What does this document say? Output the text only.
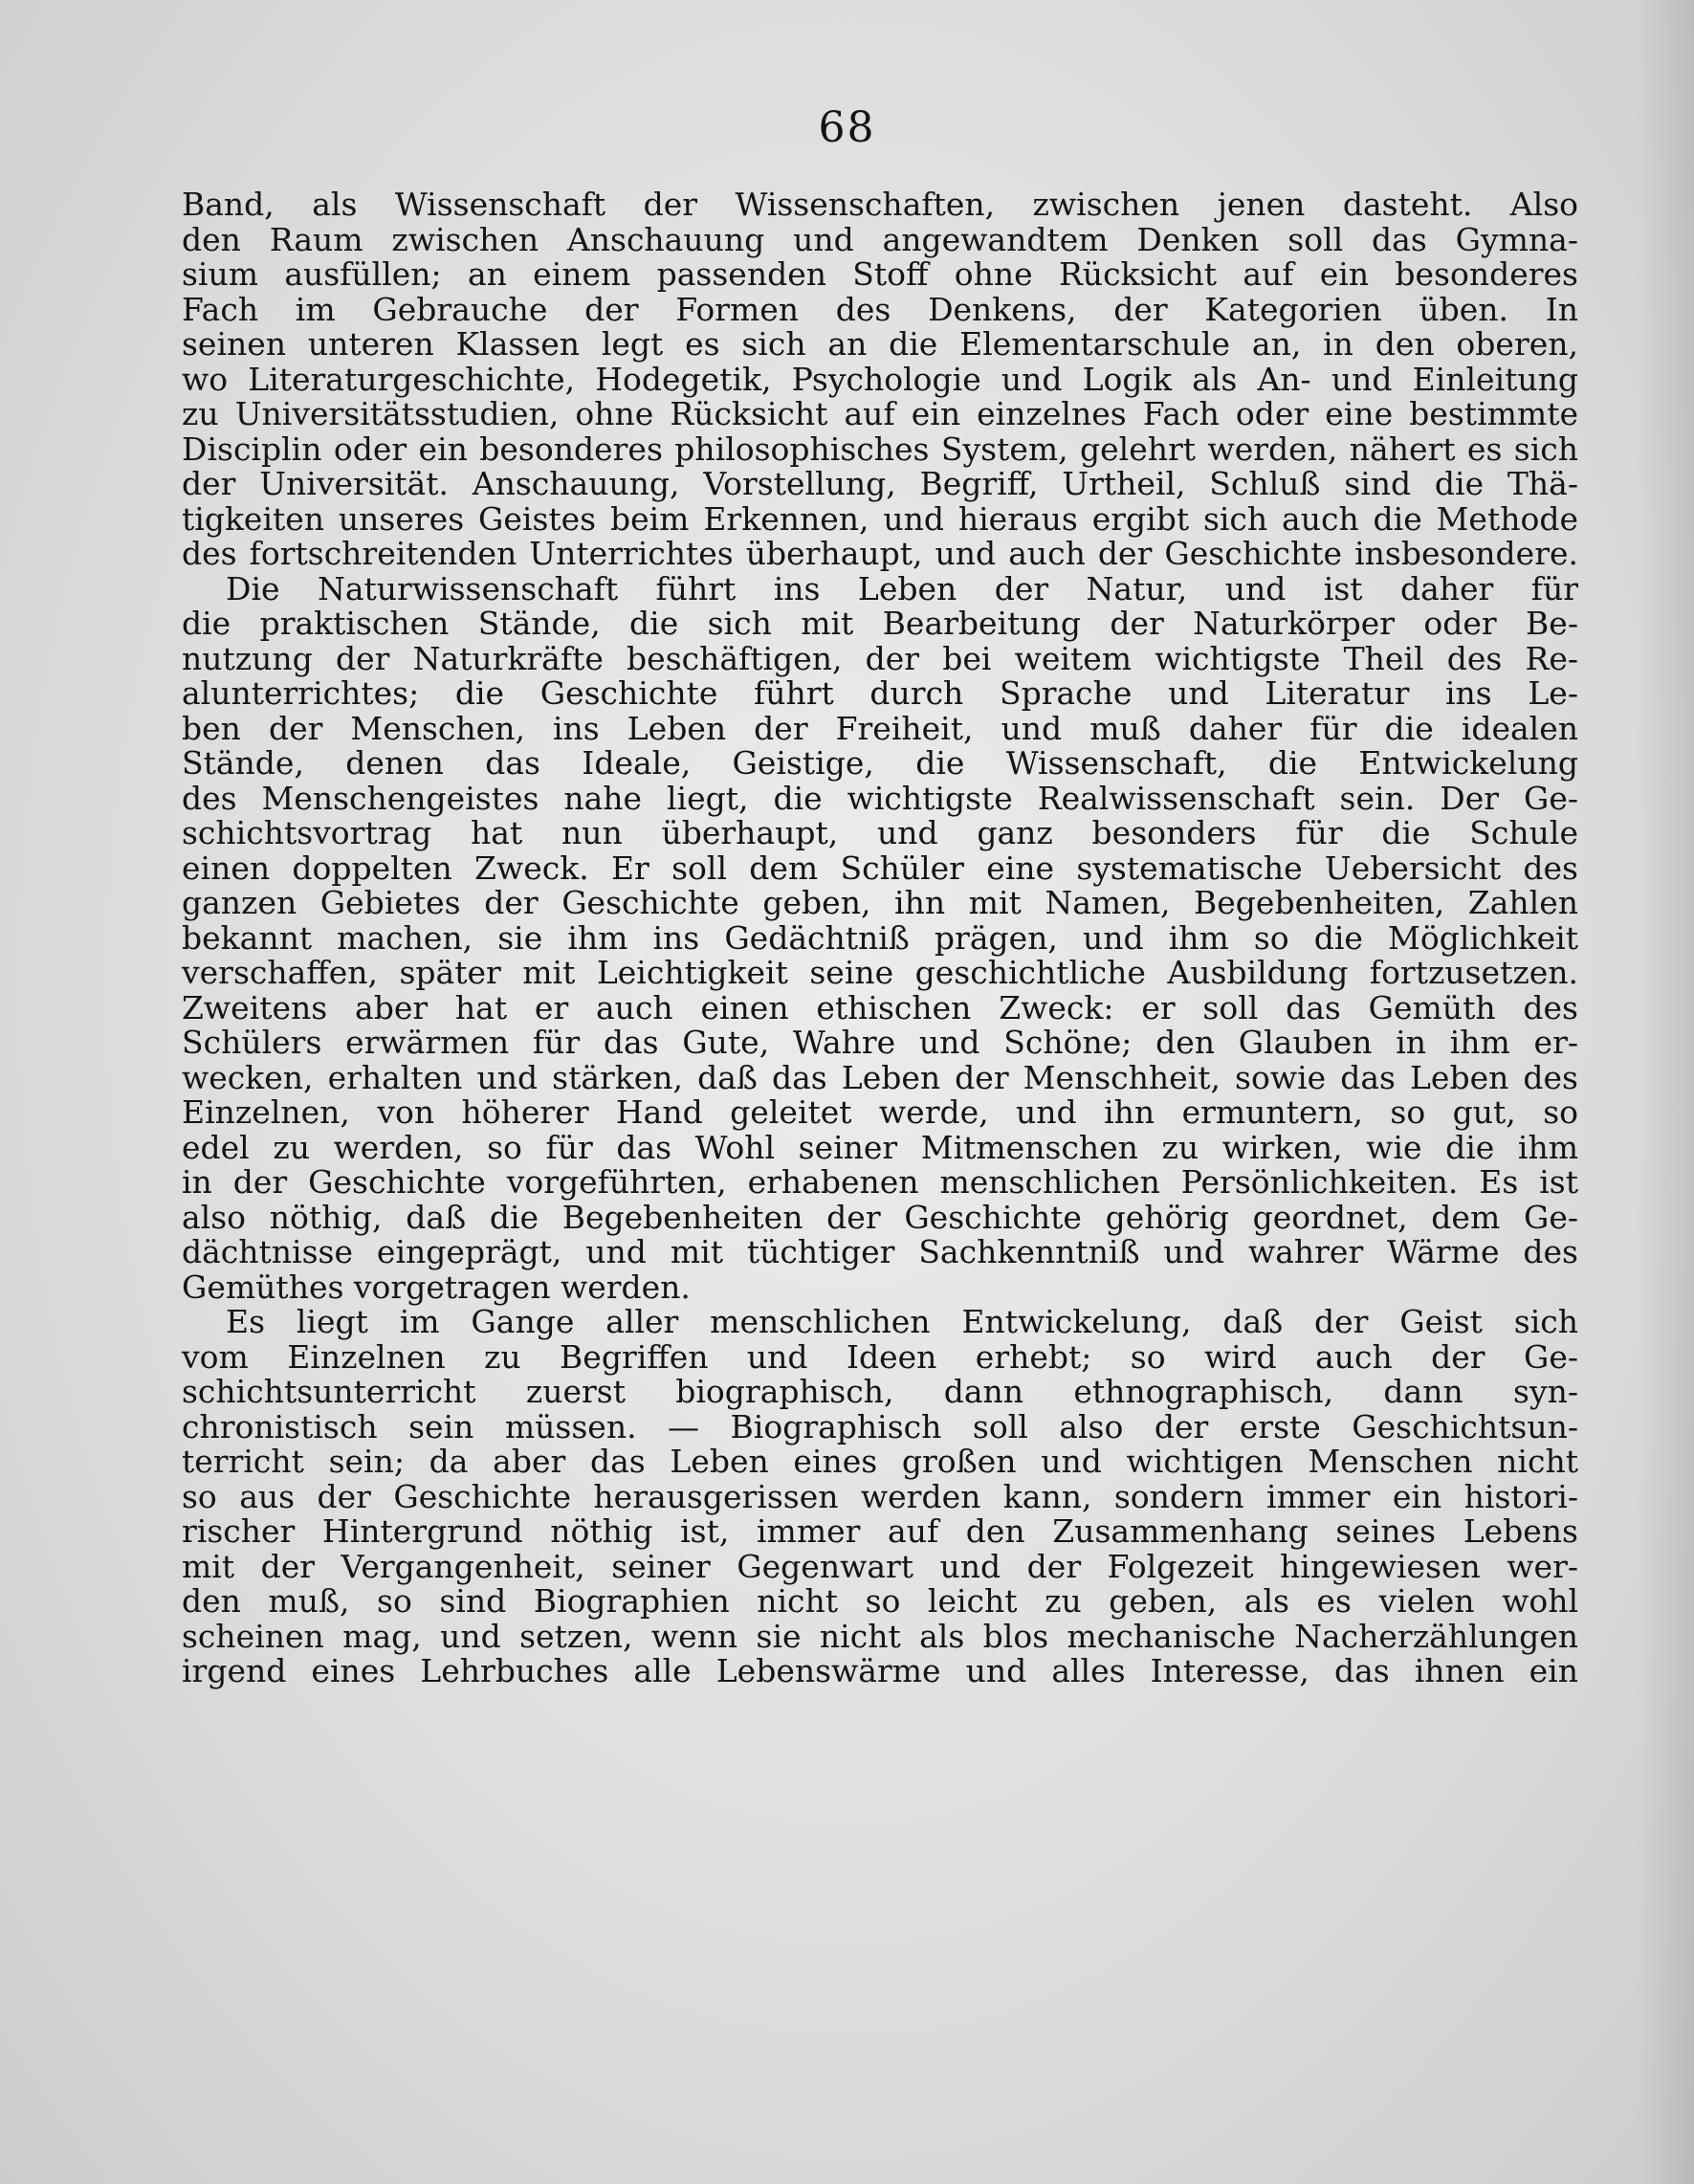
68
Band, als Wissenschaft der Wissenschaften, zwischen jenen dasteht. Also
den Raum zwischen Anschauung und angewandtem Denken soll das Gymna-
sium ausfüllen; an einem passenden Stoff ohne Rücksicht auf ein besonderes
Fach im Gebrauche der Formen des Denkens, der Kategorien üben. In
seinen unteren Klassen legt es sich an die Elementarschule an, in den oberen,
wo Literaturgeschichte, Hodegetik, Psychologie und Logik als An- und Einleitung
zu Universitätsstudien, ohne Rücksicht auf ein einzelnes Fach oder eine bestimmte
Disciplin oder ein besonderes philosophisches System, gelehrt werden, nähert es sich
der Universität. Anschauung, Vorstellung, Begriff, Urtheil, Schluß sind die Thä-
tigkeiten unseres Geistes beim Erkennen, und hieraus ergibt sich auch die Methode
des fortschreitenden Unterrichtes überhaupt, und auch der Geschichte insbesondere.
Die Naturwissenschaft führt ins Leben der Natur, und ist daher für
die praktischen Stände, die sich mit Bearbeitung der Naturkörper oder Be-
nutzung der Naturkräfte beschäftigen, der bei weitem wichtigste Theil des Re-
alunterrichtes; die Geschichte führt durch Sprache und Literatur ins Le-
ben der Menschen, ins Leben der Freiheit, und muß daher für die idealen
Stände, denen das Ideale, Geistige, die Wissenschaft, die Entwickelung
des Menschengeistes nahe liegt, die wichtigste Realwissenschaft sein. Der Ge-
schichtsvortrag hat nun überhaupt, und ganz besonders für die Schule
einen doppelten Zweck. Er soll dem Schüler eine systematische Uebersicht des
ganzen Gebietes der Geschichte geben, ihn mit Namen, Begebenheiten, Zahlen
bekannt machen, sie ihm ins Gedächtniß prägen, und ihm so die Möglichkeit
verschaffen, später mit Leichtigkeit seine geschichtliche Ausbildung fortzusetzen.
Zweitens aber hat er auch einen ethischen Zweck: er soll das Gemüth des
Schülers erwärmen für das Gute, Wahre und Schöne; den Glauben in ihm er-
wecken, erhalten und stärken, daß das Leben der Menschheit, sowie das Leben des
Einzelnen, von höherer Hand geleitet werde, und ihn ermuntern, so gut, so
edel zu werden, so für das Wohl seiner Mitmenschen zu wirken, wie die ihm
in der Geschichte vorgeführten, erhabenen menschlichen Persönlichkeiten. Es ist
also nöthig, daß die Begebenheiten der Geschichte gehörig geordnet, dem Ge-
dächtnisse eingeprägt, und mit tüchtiger Sachkenntniß und wahrer Wärme des
Gemüthes vorgetragen werden.
Es liegt im Gange aller menschlichen Entwickelung, daß der Geist sich
vom Einzelnen zu Begriffen und Ideen erhebt; so wird auch der Ge-
schichtsunterricht zuerst biographisch, dann ethnographisch, dann syn-
chronistisch sein müssen. — Biographisch soll also der erste Geschichtsun-
terricht sein; da aber das Leben eines großen und wichtigen Menschen nicht
so aus der Geschichte herausgerissen werden kann, sondern immer ein histori-
rischer Hintergrund nöthig ist, immer auf den Zusammenhang seines Lebens
mit der Vergangenheit, seiner Gegenwart und der Folgezeit hingewiesen wer-
den muß, so sind Biographien nicht so leicht zu geben, als es vielen wohl
scheinen mag, und setzen, wenn sie nicht als blos mechanische Nacherzählungen
irgend eines Lehrbuches alle Lebenswärme und alles Interesse, das ihnen ein
